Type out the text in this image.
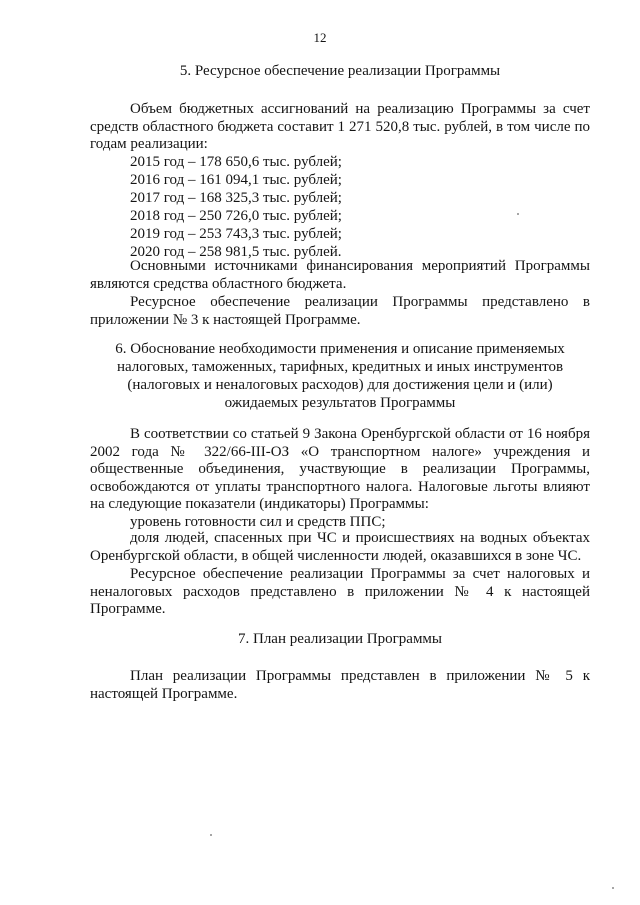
12
5. Ресурсное обеспечение реализации Программы
Объем бюджетных ассигнований на реализацию Программы за счет средств областного бюджета составит 1 271 520,8 тыс. рублей, в том числе по годам реализации:
2015 год – 178 650,6 тыс. рублей;
2016 год – 161 094,1 тыс. рублей;
2017 год – 168 325,3 тыс. рублей;
2018 год – 250 726,0 тыс. рублей;
2019 год – 253 743,3 тыс. рублей;
2020 год – 258 981,5 тыс. рублей.
Основными источниками финансирования мероприятий Программы являются средства областного бюджета.
Ресурсное обеспечение реализации Программы представлено в приложении № 3 к настоящей Программе.
6. Обоснование необходимости применения и описание применяемых
налоговых, таможенных, тарифных, кредитных и иных инструментов
(налоговых и неналоговых расходов) для достижения цели и (или)
ожидаемых результатов Программы
В соответствии со статьей 9 Закона Оренбургской области от 16 ноября 2002 года № 322/66-III-ОЗ «О транспортном налоге» учреждения и общественные объединения, участвующие в реализации Программы, освобождаются от уплаты транспортного налога. Налоговые льготы влияют на следующие показатели (индикаторы) Программы:
уровень готовности сил и средств ППС;
доля людей, спасенных при ЧС и происшествиях на водных объектах Оренбургской области, в общей численности людей, оказавшихся в зоне ЧС.
Ресурсное обеспечение реализации Программы за счет налоговых и неналоговых расходов представлено в приложении № 4 к настоящей Программе.
7. План реализации Программы
План реализации Программы представлен в приложении № 5 к настоящей Программе.
